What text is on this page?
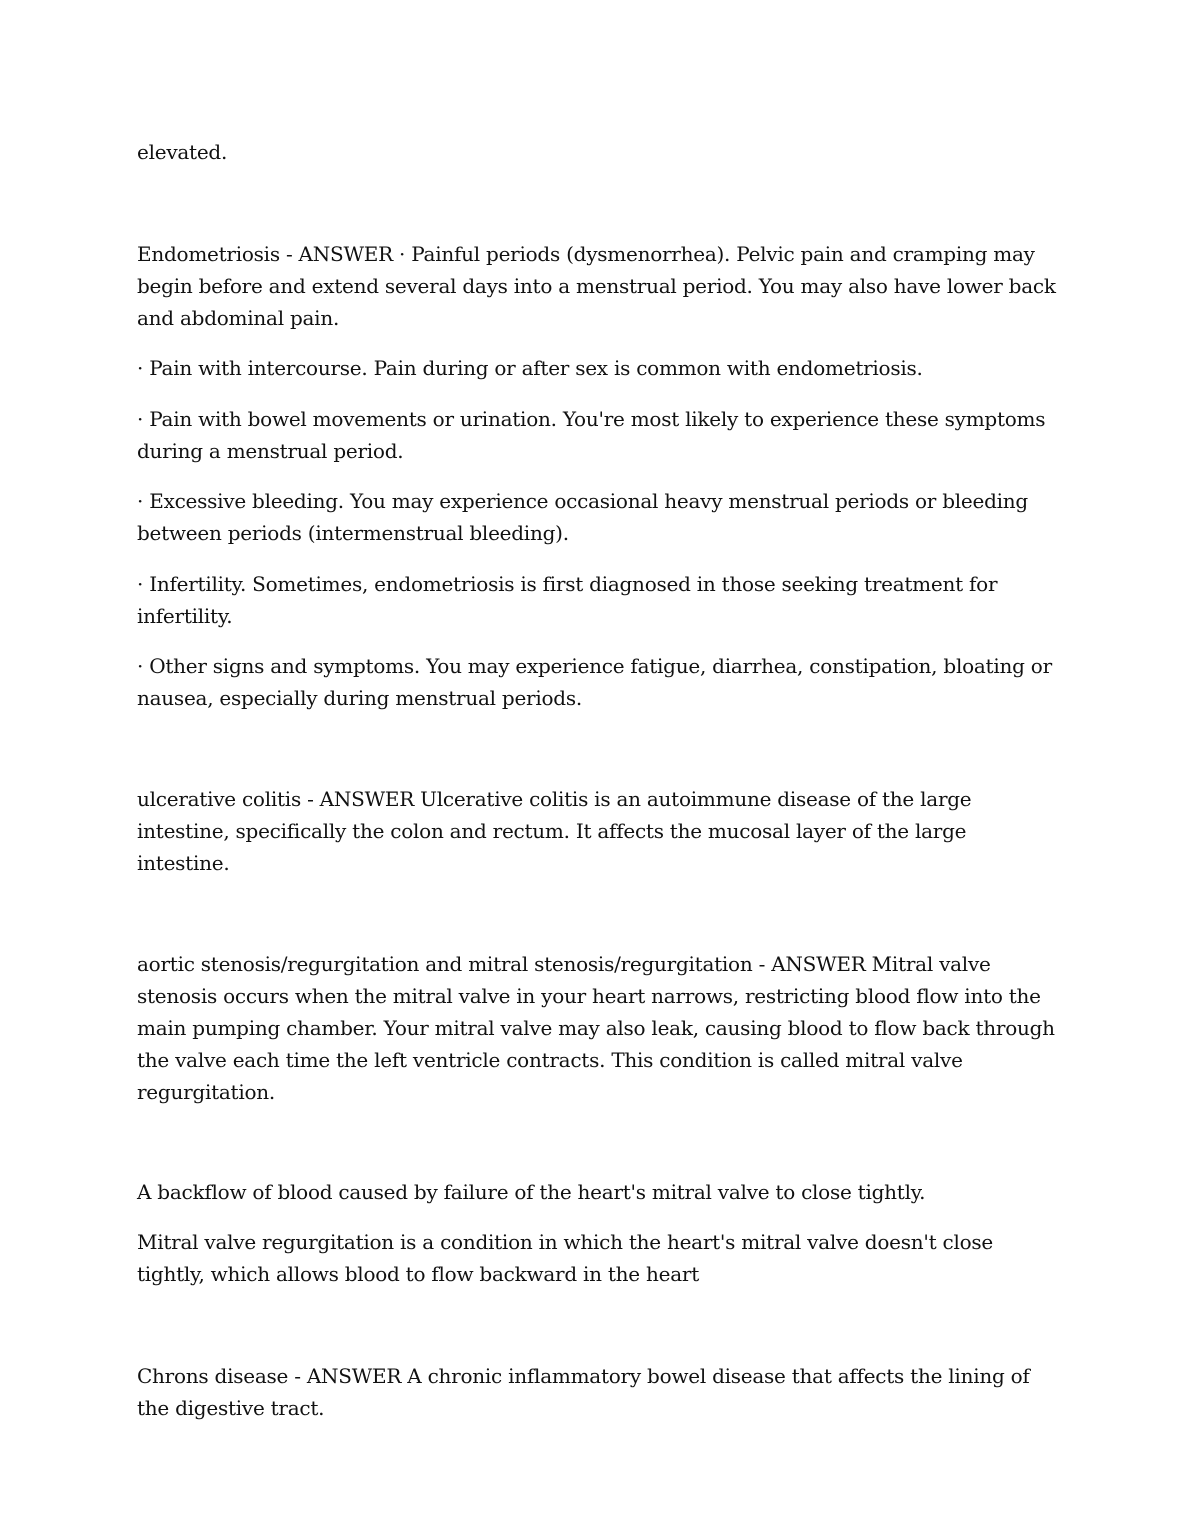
elevated.

Endometriosis - ANSWER · Painful periods (dysmenorrhea). Pelvic pain and cramping may begin before and extend several days into a menstrual period. You may also have lower back and abdominal pain.

· Pain with intercourse. Pain during or after sex is common with endometriosis.

· Pain with bowel movements or urination. You're most likely to experience these symptoms during a menstrual period.

· Excessive bleeding. You may experience occasional heavy menstrual periods or bleeding between periods (intermenstrual bleeding).

· Infertility. Sometimes, endometriosis is first diagnosed in those seeking treatment for infertility.

· Other signs and symptoms. You may experience fatigue, diarrhea, constipation, bloating or nausea, especially during menstrual periods.

ulcerative colitis - ANSWER Ulcerative colitis is an autoimmune disease of the large intestine, specifically the colon and rectum. It affects the mucosal layer of the large intestine.

aortic stenosis/regurgitation and mitral stenosis/regurgitation - ANSWER Mitral valve stenosis occurs when the mitral valve in your heart narrows, restricting blood flow into the main pumping chamber. Your mitral valve may also leak, causing blood to flow back through the valve each time the left ventricle contracts. This condition is called mitral valve regurgitation.

A backflow of blood caused by failure of the heart's mitral valve to close tightly.

Mitral valve regurgitation is a condition in which the heart's mitral valve doesn't close tightly, which allows blood to flow backward in the heart

Chrons disease - ANSWER A chronic inflammatory bowel disease that affects the lining of the digestive tract.
